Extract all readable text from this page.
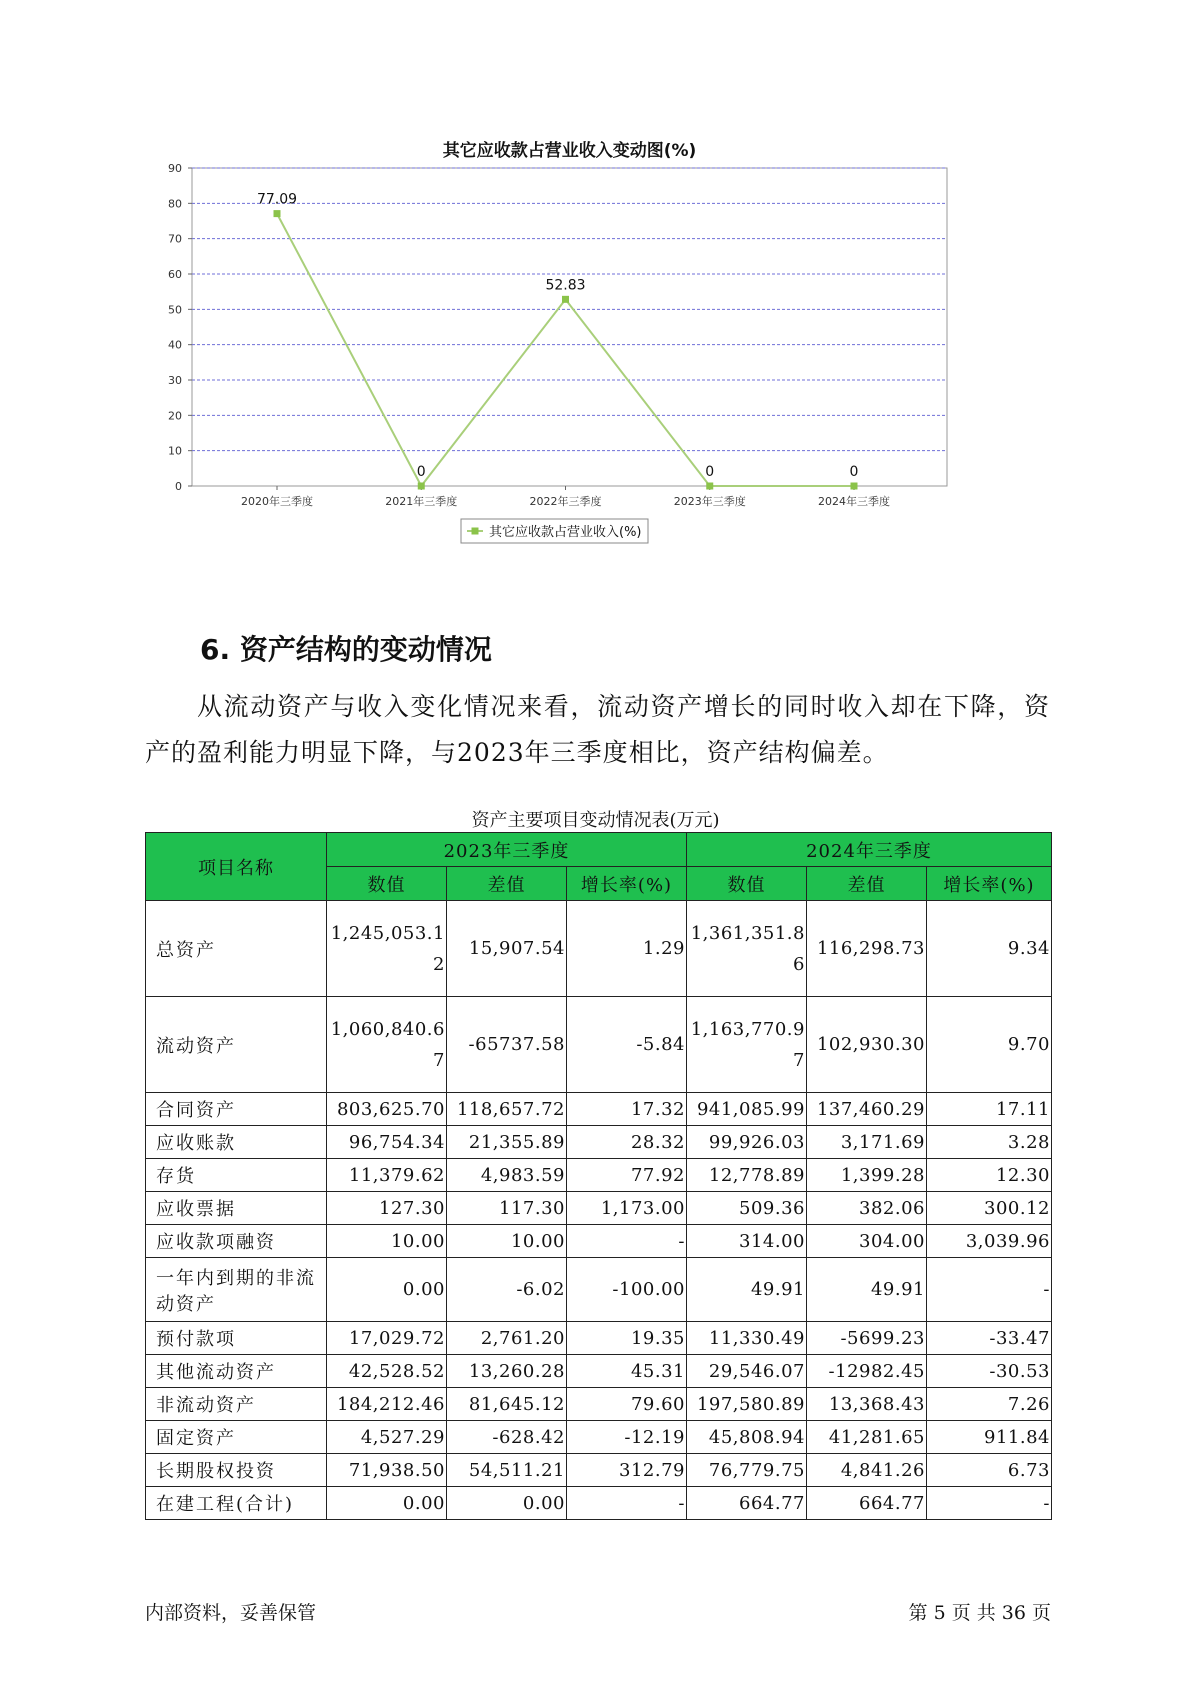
其它应收款占营业收入变动图(%)
0
10
20
30
40
50
60
70
80
90
2020年三季度	2021年三季度	2022年三季度	2023年三季度	2024年三季度
77.09
0
52.83
0	0
其它应收款占营业收入(%)
6. 资产结构的变动情况

从流动资产与收入变化情况来看，流动资产增长的同时收入却在下降，资产的盈利能力明显下降，与2023年三季度相比，资产结构偏差。

资产主要项目变动情况表(万元)

项目名称	2023年三季度			2024年三季度		
	数值	差值	增长率(%)	数值	差值	增长率(%)
总资产	1,245,053.12	15,907.54	1.29	1,361,351.86	116,298.73	9.34
流动资产	1,060,840.67	-65737.58	-5.84	1,163,770.97	102,930.30	9.70
合同资产	803,625.70	118,657.72	17.32	941,085.99	137,460.29	17.11
应收账款	96,754.34	21,355.89	28.32	99,926.03	3,171.69	3.28
存货	11,379.62	4,983.59	77.92	12,778.89	1,399.28	12.30
应收票据	127.30	117.30	1,173.00	509.36	382.06	300.12
应收款项融资	10.00	10.00	-	314.00	304.00	3,039.96
一年内到期的非流动资产	0.00	-6.02	-100.00	49.91	49.91	-
预付款项	17,029.72	2,761.20	19.35	11,330.49	-5699.23	-33.47
其他流动资产	42,528.52	13,260.28	45.31	29,546.07	-12982.45	-30.53
非流动资产	184,212.46	81,645.12	79.60	197,580.89	13,368.43	7.26
固定资产	4,527.29	-628.42	-12.19	45,808.94	41,281.65	911.84
长期股权投资	71,938.50	54,511.21	312.79	76,779.75	4,841.26	6.73
在建工程(合计)	0.00	0.00	-	664.77	664.77	-

内部资料，妥善保管	第 5 页 共 36 页
